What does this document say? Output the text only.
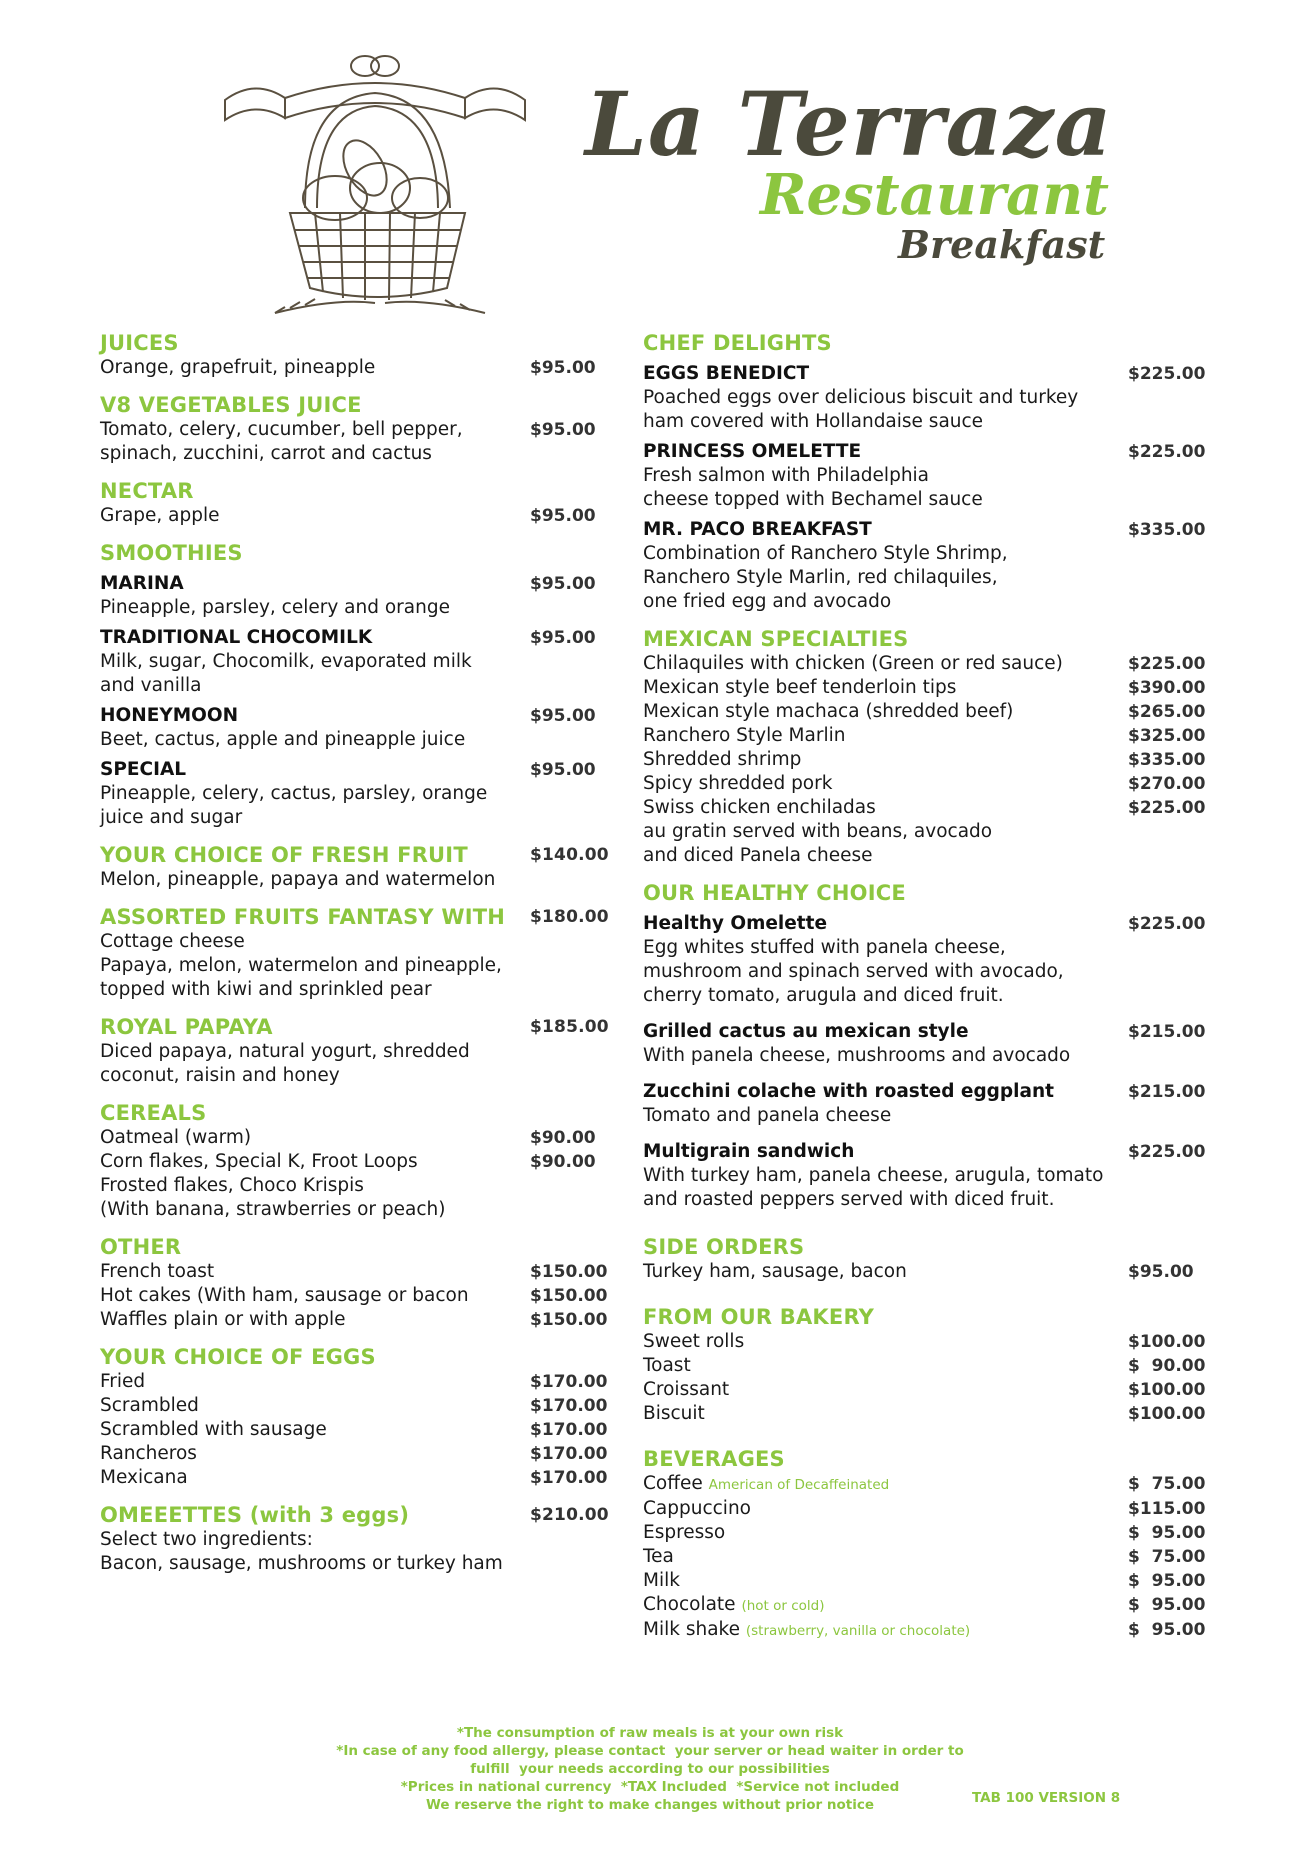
La Terraza
Restaurant
Breakfast
JUICES
Orange, grapefruit, pineapple	$95.00
V8 VEGETABLES JUICE
Tomato, celery, cucumber, bell pepper,	$95.00
spinach, zucchini, carrot and cactus
NECTAR
Grape, apple	$95.00
SMOOTHIES
MARINA	$95.00
Pineapple, parsley, celery and orange
TRADITIONAL CHOCOMILK	$95.00
Milk, sugar, Chocomilk, evaporated milk
and vanilla
HONEYMOON	$95.00
Beet, cactus, apple and pineapple juice
SPECIAL	$95.00
Pineapple, celery, cactus, parsley, orange
juice and sugar
YOUR CHOICE OF FRESH FRUIT	$140.00
Melon, pineapple, papaya and watermelon
ASSORTED FRUITS FANTASY WITH $180.00
Cottage cheese
Papaya, melon, watermelon and pineapple,
topped with kiwi and sprinkled pear
ROYAL PAPAYA	$185.00
Diced papaya, natural yogurt, shredded
coconut, raisin and honey
CEREALS
Oatmeal (warm)	$90.00
Corn flakes, Special K, Froot Loops	$90.00
Frosted flakes, Choco Krispis
(With banana, strawberries or peach)
OTHER
French toast	$150.00
Hot cakes (With ham, sausage or bacon	$150.00
Waffles plain or with apple	$150.00
YOUR CHOICE OF EGGS
Fried	$170.00
Scrambled	$170.00
Scrambled with sausage	$170.00
Rancheros	$170.00
Mexicana	$170.00
OMEEETTES (with 3 eggs)	$210.00
Select two ingredients:
Bacon, sausage, mushrooms or turkey ham
CHEF DELIGHTS
EGGS BENEDICT	$225.00
Poached eggs over delicious biscuit and turkey
ham covered with Hollandaise sauce
PRINCESS OMELETTE	$225.00
Fresh salmon with Philadelphia
cheese topped with Bechamel sauce
MR. PACO BREAKFAST	$335.00
Combination of Ranchero Style Shrimp,
Ranchero Style Marlin, red chilaquiles,
one fried egg and avocado
MEXICAN SPECIALTIES
Chilaquiles with chicken (Green or red sauce)	$225.00
Mexican style beef tenderloin tips	$390.00
Mexican style machaca (shredded beef)	$265.00
Ranchero Style Marlin	$325.00
Shredded shrimp	$335.00
Spicy shredded pork	$270.00
Swiss chicken enchiladas	$225.00
au gratin served with beans, avocado
and diced Panela cheese
OUR HEALTHY CHOICE
Healthy Omelette	$225.00
Egg whites stuffed with panela cheese,
mushroom and spinach served with avocado,
cherry tomato, arugula and diced fruit.
Grilled cactus au mexican style	$215.00
With panela cheese, mushrooms and avocado
Zucchini colache with roasted eggplant	$215.00
Tomato and panela cheese
Multigrain sandwich	$225.00
With turkey ham, panela cheese, arugula, tomato
and roasted peppers served with diced fruit.
SIDE ORDERS
Turkey ham, sausage, bacon	$95.00
FROM OUR BAKERY
Sweet rolls	$100.00
Toast	$  90.00
Croissant	$100.00
Biscuit	$100.00
BEVERAGES
Coffee American of Decaffeinated	$  75.00
Cappuccino	$115.00
Espresso	$  95.00
Tea	$  75.00
Milk	$  95.00
Chocolate (hot or cold)	$  95.00
Milk shake (strawberry, vanilla or chocolate)	$  95.00
*The consumption of raw meals is at your own risk
*In case of any food allergy, please contact  your server or head waiter in order to
fulfill  your needs according to our possibilities
*Prices in national currency  *TAX Included  *Service not included
We reserve the right to make changes without prior notice	TAB 100 VERSION 8
